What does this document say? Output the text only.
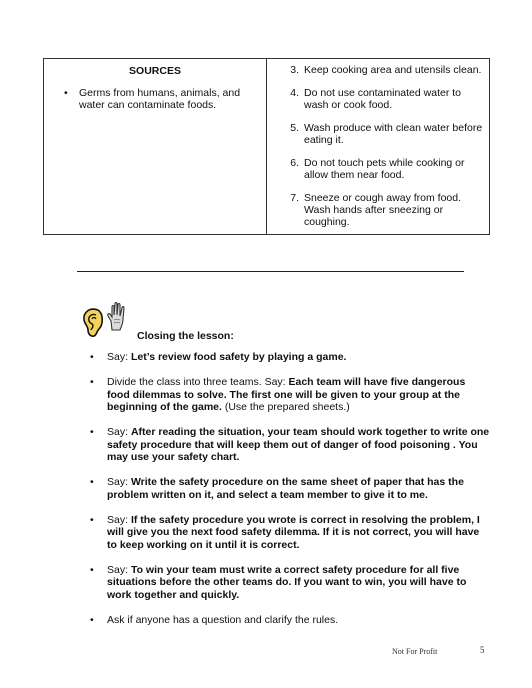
SOURCES
•	Germs from humans, animals, and water can contaminate foods.
3. Keep cooking area and utensils clean.
4. Do not use contaminated water to wash or cook food.
5. Wash produce with clean water before eating it.
6. Do not touch pets while cooking or allow them near food.
7. Sneeze or cough away from food. Wash hands after sneezing or coughing.
Closing the lesson:
•	Say: Let’s review food safety by playing a game.
•	Divide the class into three teams. Say: Each team will have five dangerous food dilemmas to solve. The first one will be given to your group at the beginning of the game. (Use the prepared sheets.)
•	Say: After reading the situation, your team should work together to write one safety procedure that will keep them out of danger of food poisoning . You may use your safety chart.
•	Say: Write the safety procedure on the same sheet of paper that has the problem written on it, and select a team member to give it to me.
•	Say: If the safety procedure you wrote is correct in resolving the problem, I will give you the next food safety dilemma. If it is not correct, you will have to keep working on it until it is correct.
•	Say: To win your team must write a correct safety procedure for all five situations before the other teams do. If you want to win, you will have to work together and quickly.
•	Ask if anyone has a question and clarify the rules.
Not For Profit	5
